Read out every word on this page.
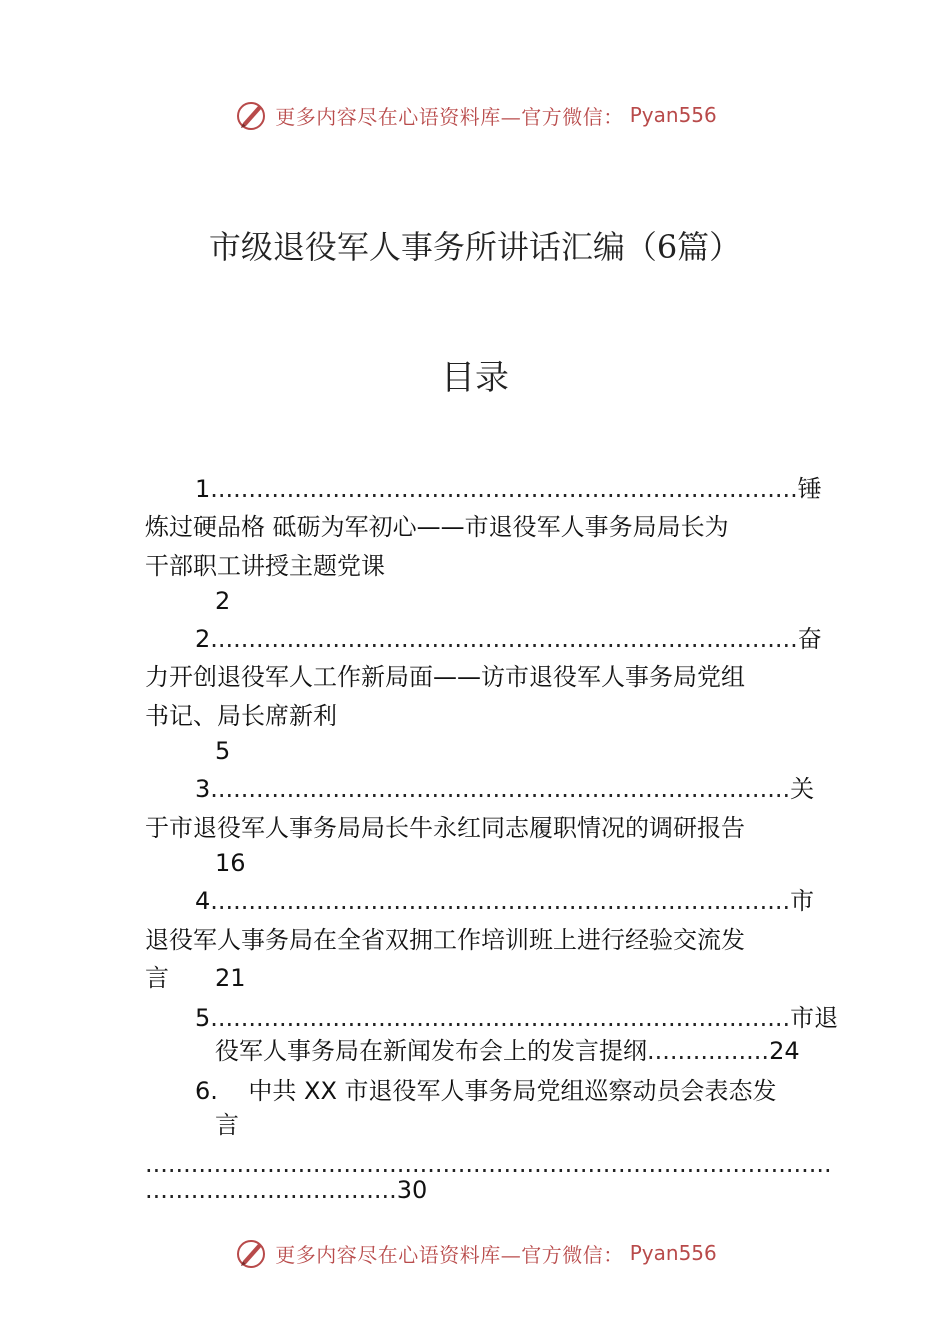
更多内容尽在心语资料库—官方微信： Pyan556
市级退役军人事务所讲话汇编（6篇）
目录
1.............................................................................锤
炼过硬品格 砥砺为军初心——市退役军人事务局局长为
干部职工讲授主题党课
2
2.............................................................................奋
力开创退役军人工作新局面——访市退役军人事务局党组
书记、局长席新利
5
3............................................................................关
于市退役军人事务局局长牛永红同志履职情况的调研报告
16
4............................................................................市
退役军人事务局在全省双拥工作培训班上进行经验交流发
言 21
5............................................................................市退
役军人事务局在新闻发布会上的发言提纲................24
6. 中共 XX 市退役军人事务局党组巡察动员会表态发
言
..........................................................................................
.................................30
更多内容尽在心语资料库—官方微信： Pyan556
